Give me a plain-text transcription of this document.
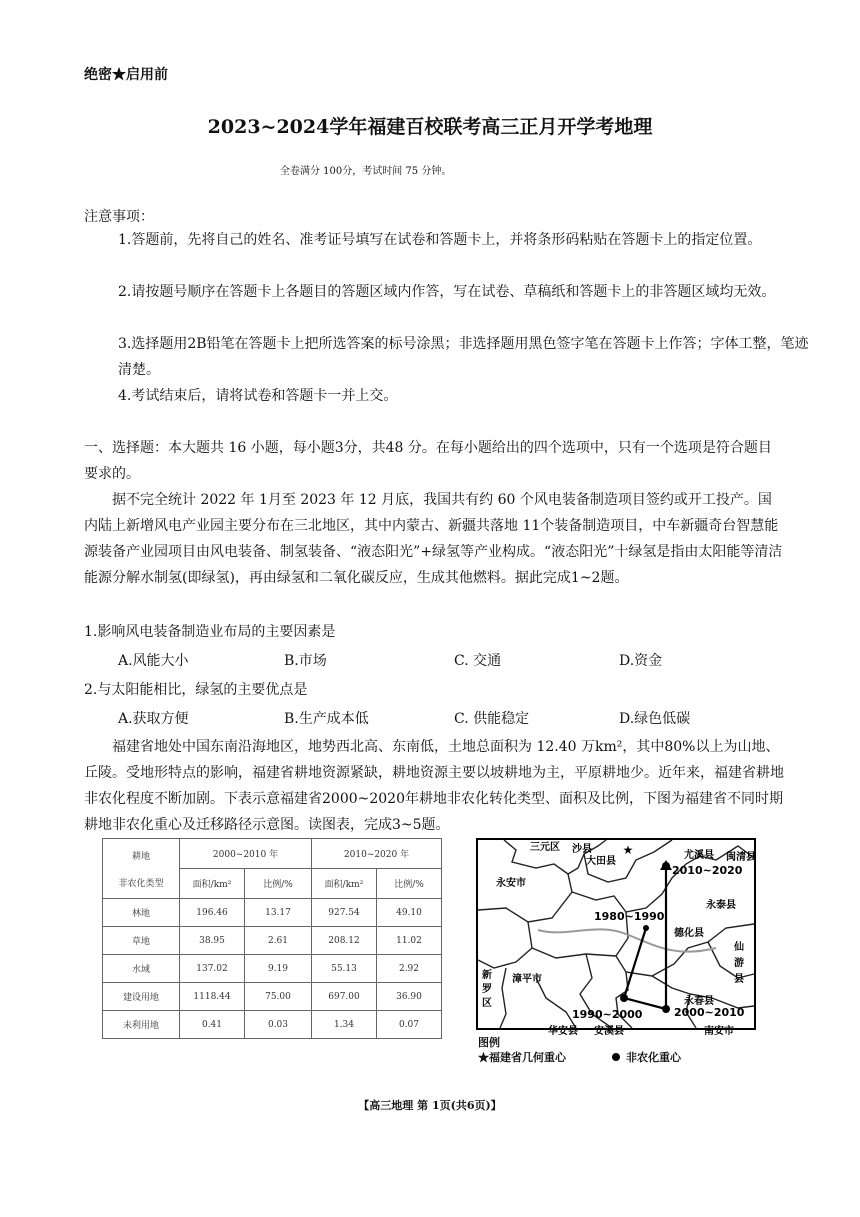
绝密★启用前
2023~2024学年福建百校联考高三正月开学考地理
全卷满分 100分，考试时间 75 分钟。
注意事项：
1.答题前，先将自己的姓名、准考证号填写在试卷和答题卡上，并将条形码粘贴在答题卡上的指定位置。
2.请按题号顺序在答题卡上各题目的答题区域内作答，写在试卷、草稿纸和答题卡上的非答题区域均无效。
3.选择题用2B铅笔在答题卡上把所选答案的标号涂黑；非选择题用黑色签字笔在答题卡上作答；字体工整，笔迹清楚。
4.考试结束后，请将试卷和答题卡一并上交。
一、选择题：本大题共 16 小题，每小题3分，共48 分。在每小题给出的四个选项中，只有一个选项是符合题目要求的。
据不完全统计 2022 年 1月至 2023 年 12 月底，我国共有约 60 个风电装备制造项目签约或开工投产。国内陆上新增风电产业园主要分布在三北地区，其中内蒙古、新疆共落地 11个装备制造项目，中车新疆奇台智慧能源装备产业园项目由风电装备、制氢装备、“液态阳光”+绿氢等产业构成。“液态阳光”十绿氢是指由太阳能等清洁能源分解水制氢(即绿氢)，再由绿氢和二氧化碳反应，生成其他燃料。据此完成1~2题。
1.影响风电装备制造业布局的主要因素是
A.风能大小	B.市场	C. 交通	D.资金
2.与太阳能相比，绿氢的主要优点是
A.获取方便	B.生产成本低	C. 供能稳定	D.绿色低碳
福建省地处中国东南沿海地区，地势西北高、东南低，土地总面积为 12.40 万km²，其中80%以上为山地、丘陵。受地形特点的影响，福建省耕地资源紧缺，耕地资源主要以坡耕地为主，平原耕地少。近年来，福建省耕地非农化程度不断加剧。下表示意福建省2000~2020年耕地非农化转化类型、面积及比例，下图为福建省不同时期耕地非农化重心及迁移路径示意图。读图表，完成3~5题。
耕地
非农化类型	2000~2010 年		2010~2020 年	
	面积/km²	比例/%	面积/km²	比例/%
林地	196.46	13.17	927.54	49.10
草地	38.95	2.61	208.12	11.02
水域	137.02	9.19	55.13	2.92
建设用地	1118.44	75.00	697.00	36.90
未利用地	0.41	0.03	1.34	0.07
★
三元区 沙县
大田县
尤溪县 闽清县
永安市
永泰县
德化县
漳平市
仙
游
县
新
罗
区	永春县
华安县 安溪县	南安市
1980~1990
1990~2000	2000~2010
2010~2020
图例
★福建省几何重心	非农化重心
【高三地理 第 1页(共6页)】
